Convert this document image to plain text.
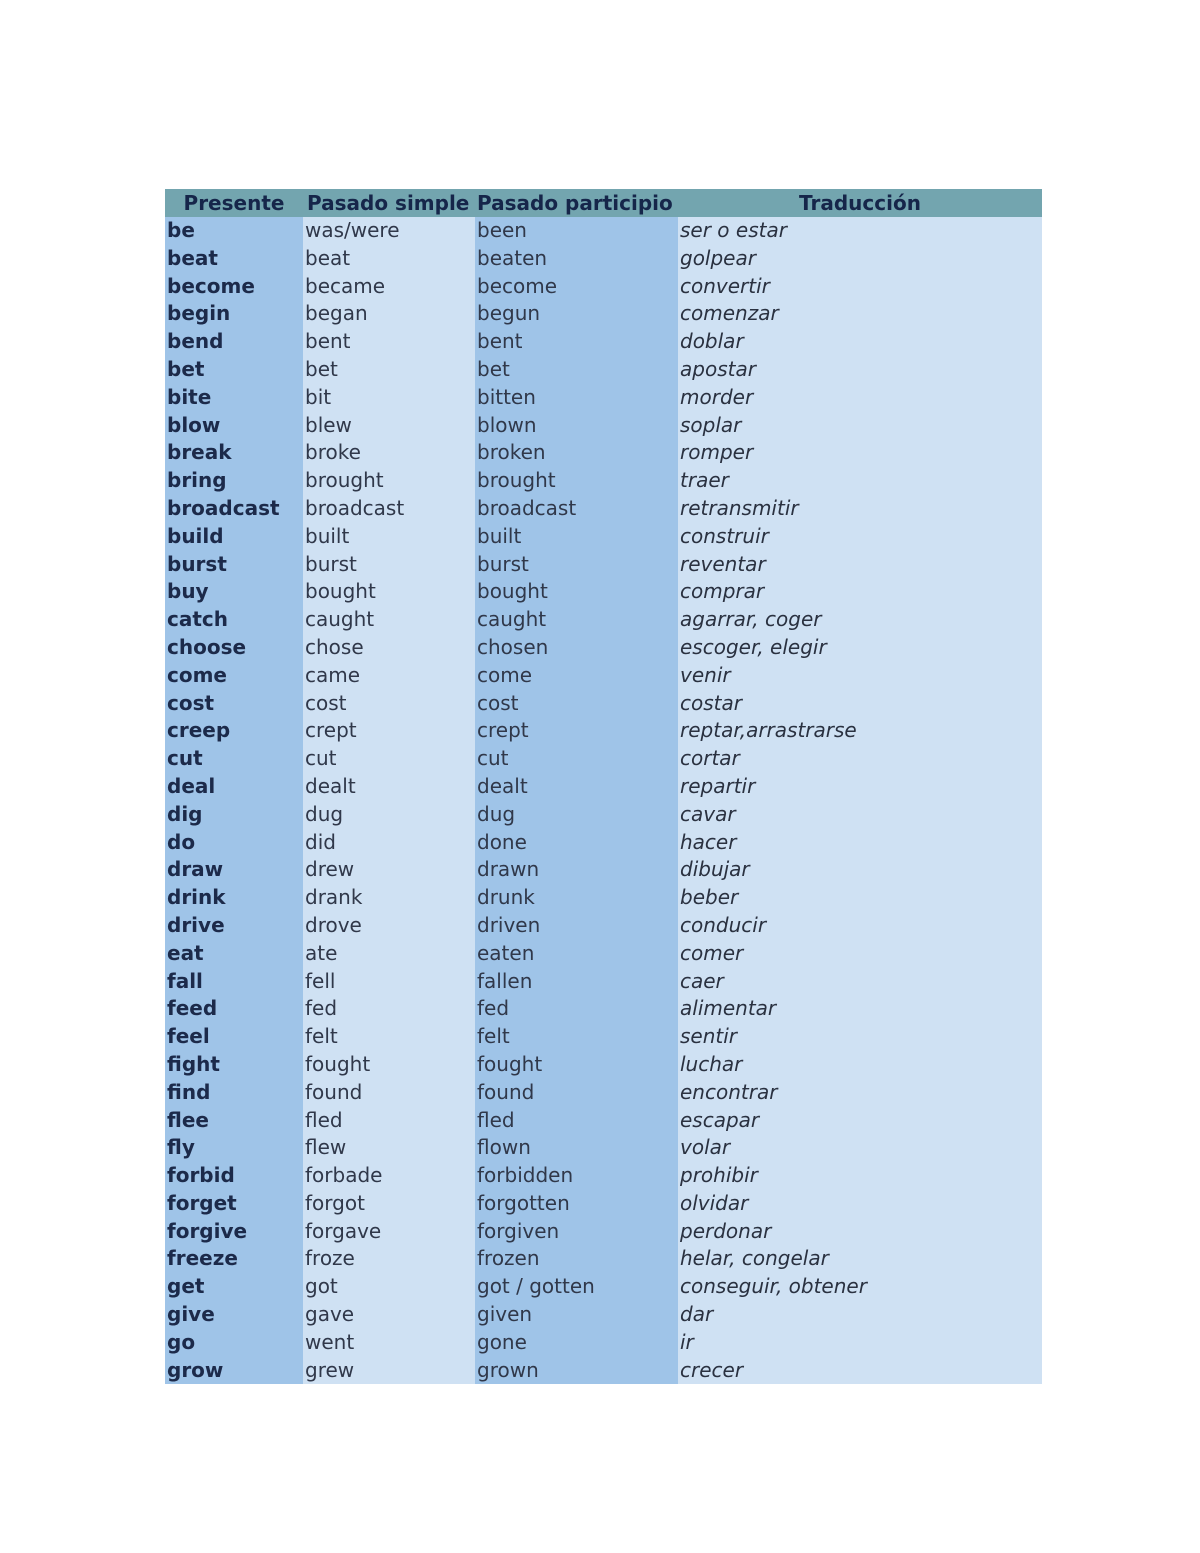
Presente	Pasado simple	Pasado participio	Traducción
be	was/were	been	ser o estar
beat	beat	beaten	golpear
become	became	become	convertir
begin	began	begun	comenzar
bend	bent	bent	doblar
bet	bet	bet	apostar
bite	bit	bitten	morder
blow	blew	blown	soplar
break	broke	broken	romper
bring	brought	brought	traer
broadcast	broadcast	broadcast	retransmitir
build	built	built	construir
burst	burst	burst	reventar
buy	bought	bought	comprar
catch	caught	caught	agarrar, coger
choose	chose	chosen	escoger, elegir
come	came	come	venir
cost	cost	cost	costar
creep	crept	crept	reptar,arrastrarse
cut	cut	cut	cortar
deal	dealt	dealt	repartir
dig	dug	dug	cavar
do	did	done	hacer
draw	drew	drawn	dibujar
drink	drank	drunk	beber
drive	drove	driven	conducir
eat	ate	eaten	comer
fall	fell	fallen	caer
feed	fed	fed	alimentar
feel	felt	felt	sentir
fight	fought	fought	luchar
find	found	found	encontrar
flee	fled	fled	escapar
fly	flew	flown	volar
forbid	forbade	forbidden	prohibir
forget	forgot	forgotten	olvidar
forgive	forgave	forgiven	perdonar
freeze	froze	frozen	helar, congelar
get	got	got / gotten	conseguir, obtener
give	gave	given	dar
go	went	gone	ir
grow	grew	grown	crecer
